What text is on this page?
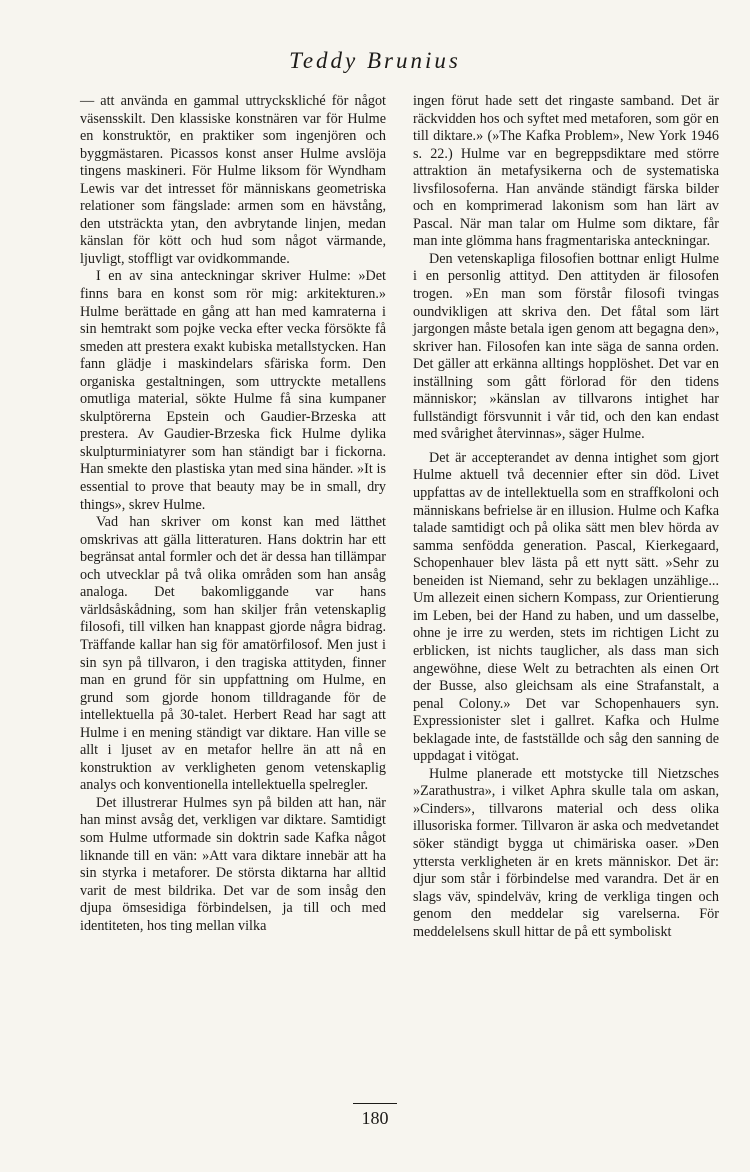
Teddy Brunius

— att använda en gammal uttryckskliché för något väsensskilt. Den klassiske konstnären var för Hulme en konstruktör, en praktiker som ingenjören och byggmästaren. Picassos konst anser Hulme avslöja tingens maskineri. För Hulme liksom för Wyndham Lewis var det intresset för människans geometriska relationer som fängslade: armen som en hävstång, den utsträckta ytan, den avbrytande linjen, medan känslan för kött och hud som något värmande, ljuvligt, stoffligt var ovidkommande.

I en av sina anteckningar skriver Hulme: »Det finns bara en konst som rör mig: arkitekturen.» Hulme berättade en gång att han med kamraterna i sin hemtrakt som pojke vecka efter vecka försökte få smeden att prestera exakt kubiska metallstycken. Han fann glädje i maskindelars sfäriska form. Den organiska gestaltningen, som uttryckte metallens omutliga material, sökte Hulme få sina kumpaner skulptörerna Epstein och Gaudier-Brzeska att prestera. Av Gaudier-Brzeska fick Hulme dylika skulpturminiatyrer som han ständigt bar i fickorna. Han smekte den plastiska ytan med sina händer. »It is essential to prove that beauty may be in small, dry things», skrev Hulme.

Vad han skriver om konst kan med lätthet omskrivas att gälla litteraturen. Hans doktrin har ett begränsat antal formler och det är dessa han tillämpar och utvecklar på två olika områden som han ansåg analoga. Det bakomliggande var hans världsåskådning, som han skiljer från vetenskaplig filosofi, till vilken han knappast gjorde några bidrag. Träffande kallar han sig för amatörfilosof. Men just i sin syn på tillvaron, i den tragiska attityden, finner man en grund för sin uppfattning om Hulme, en grund som gjorde honom tilldragande för de intellektuella på 30-talet. Herbert Read har sagt att Hulme i en mening ständigt var diktare. Han ville se allt i ljuset av en metafor hellre än att nå en konstruktion av verkligheten genom vetenskaplig analys och konventionella intellektuella spelregler.

Det illustrerar Hulmes syn på bilden att han, när han minst avsåg det, verkligen var diktare. Samtidigt som Hulme utformade sin doktrin sade Kafka något liknande till en vän: »Att vara diktare innebär att ha sin styrka i metaforer. De största diktarna har alltid varit de mest bildrika. Det var de som insåg den djupa ömsesidiga förbindelsen, ja till och med identiteten, hos ting mellan vilka

ingen förut hade sett det ringaste samband. Det är räckvidden hos och syftet med metaforen, som gör en till diktare.» (»The Kafka Problem», New York 1946 s. 22.) Hulme var en begreppsdiktare med större attraktion än metafysikerna och de systematiska livsfilosoferna. Han använde ständigt färska bilder och en komprimerad lakonism som han lärt av Pascal. När man talar om Hulme som diktare, får man inte glömma hans fragmentariska anteckningar.

Den vetenskapliga filosofien bottnar enligt Hulme i en personlig attityd. Den attityden är filosofen trogen. »En man som förstår filosofi tvingas oundvikligen att skriva den. Det fåtal som lärt jargongen måste betala igen genom att begagna den», skriver han. Filosofen kan inte säga de sanna orden. Det gäller att erkänna alltings hopplöshet. Det var en inställning som gått förlorad för den tidens människor; »känslan av tillvarons intighet har fullständigt försvunnit i vår tid, och den kan endast med svårighet återvinnas», säger Hulme.

Det är accepterandet av denna intighet som gjort Hulme aktuell två decennier efter sin död. Livet uppfattas av de intellektuella som en straffkoloni och människans befrielse är en illusion. Hulme och Kafka talade samtidigt och på olika sätt men blev hörda av samma senfödda generation. Pascal, Kierkegaard, Schopenhauer blev lästa på ett nytt sätt. »Sehr zu beneiden ist Niemand, sehr zu beklagen unzählige... Um allezeit einen sichern Kompass, zur Orientierung im Leben, bei der Hand zu haben, und um dasselbe, ohne je irre zu werden, stets im richtigen Licht zu erblicken, ist nichts tauglicher, als dass man sich angewöhne, diese Welt zu betrachten als einen Ort der Busse, also gleichsam als eine Strafanstalt, a penal Colony.» Det var Schopenhauers syn. Expressionister slet i gallret. Kafka och Hulme beklagade inte, de fastställde och såg den sanning de uppdagat i vitögat.

Hulme planerade ett motstycke till Nietzsches »Zarathustra», i vilket Aphra skulle tala om askan, »Cinders», tillvarons material och dess olika illusoriska former. Tillvaron är aska och medvetandet söker ständigt bygga ut chimäriska oaser. »Den yttersta verkligheten är en krets människor. Det är: djur som står i förbindelse med varandra. Det är en slags väv, spindelväv, kring de verkliga tingen och genom den meddelar sig varelserna. För meddelelsens skull hittar de på ett symboliskt

180
